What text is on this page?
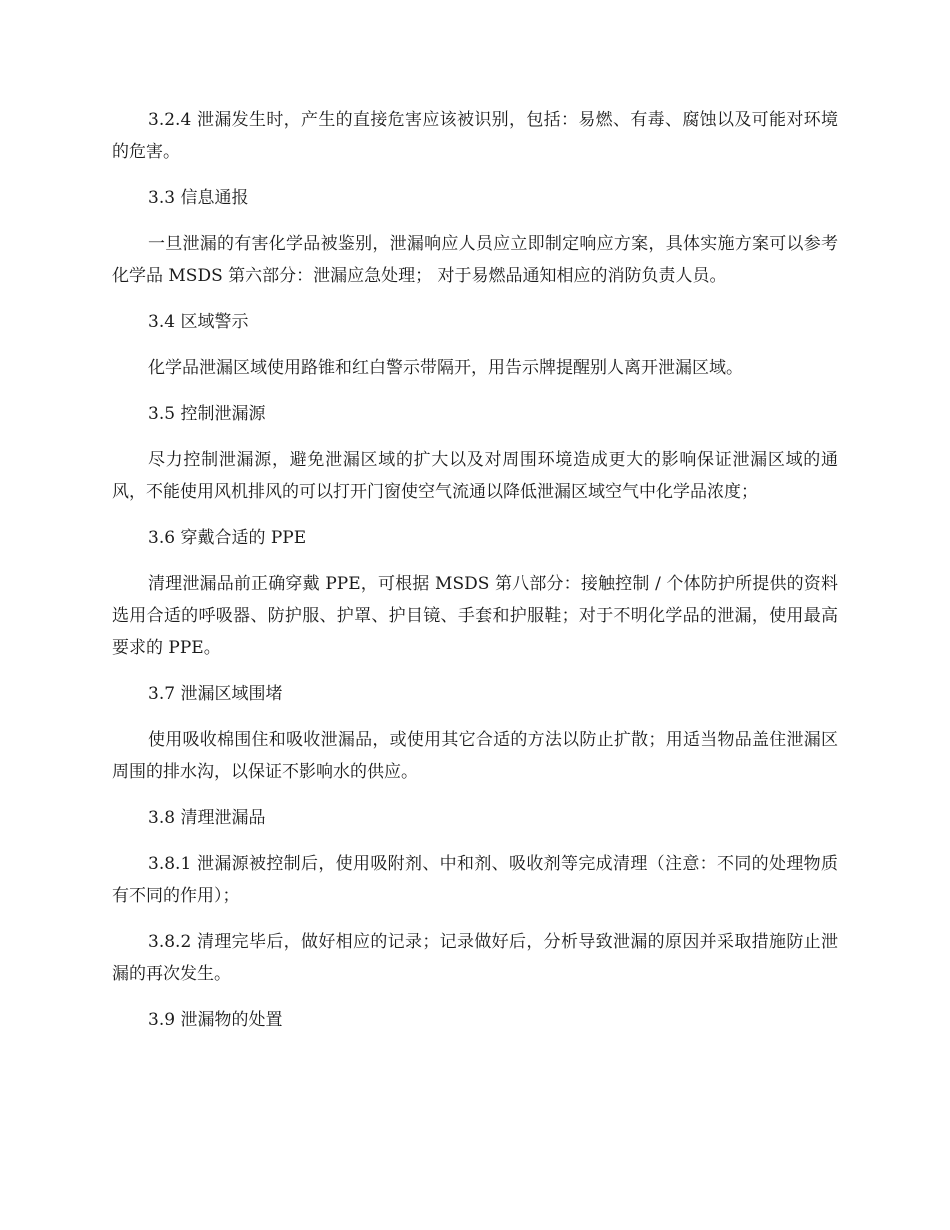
3.2.4 泄漏发生时，产生的直接危害应该被识别，包括：易燃、有毒、腐蚀以及可能对环境的危害。

3.3 信息通报

一旦泄漏的有害化学品被鉴别，泄漏响应人员应立即制定响应方案，具体实施方案可以参考化学品 MSDS 第六部分：泄漏应急处理； 对于易燃品通知相应的消防负责人员。

3.4 区域警示

化学品泄漏区域使用路锥和红白警示带隔开，用告示牌提醒别人离开泄漏区域。

3.5 控制泄漏源

尽力控制泄漏源，避免泄漏区域的扩大以及对周围环境造成更大的影响保证泄漏区域的通风，不能使用风机排风的可以打开门窗使空气流通以降低泄漏区域空气中化学品浓度；

3.6 穿戴合适的 PPE

清理泄漏品前正确穿戴 PPE，可根据 MSDS 第八部分：接触控制 / 个体防护所提供的资料选用合适的呼吸器、防护服、护罩、护目镜、手套和护服鞋；对于不明化学品的泄漏，使用最高要求的 PPE。

3.7 泄漏区域围堵

使用吸收棉围住和吸收泄漏品，或使用其它合适的方法以防止扩散；用适当物品盖住泄漏区周围的排水沟，以保证不影响水的供应。

3.8 清理泄漏品

3.8.1 泄漏源被控制后，使用吸附剂、中和剂、吸收剂等完成清理（注意：不同的处理物质有不同的作用）；

3.8.2 清理完毕后，做好相应的记录；记录做好后，分析导致泄漏的原因并采取措施防止泄漏的再次发生。

3.9 泄漏物的处置
